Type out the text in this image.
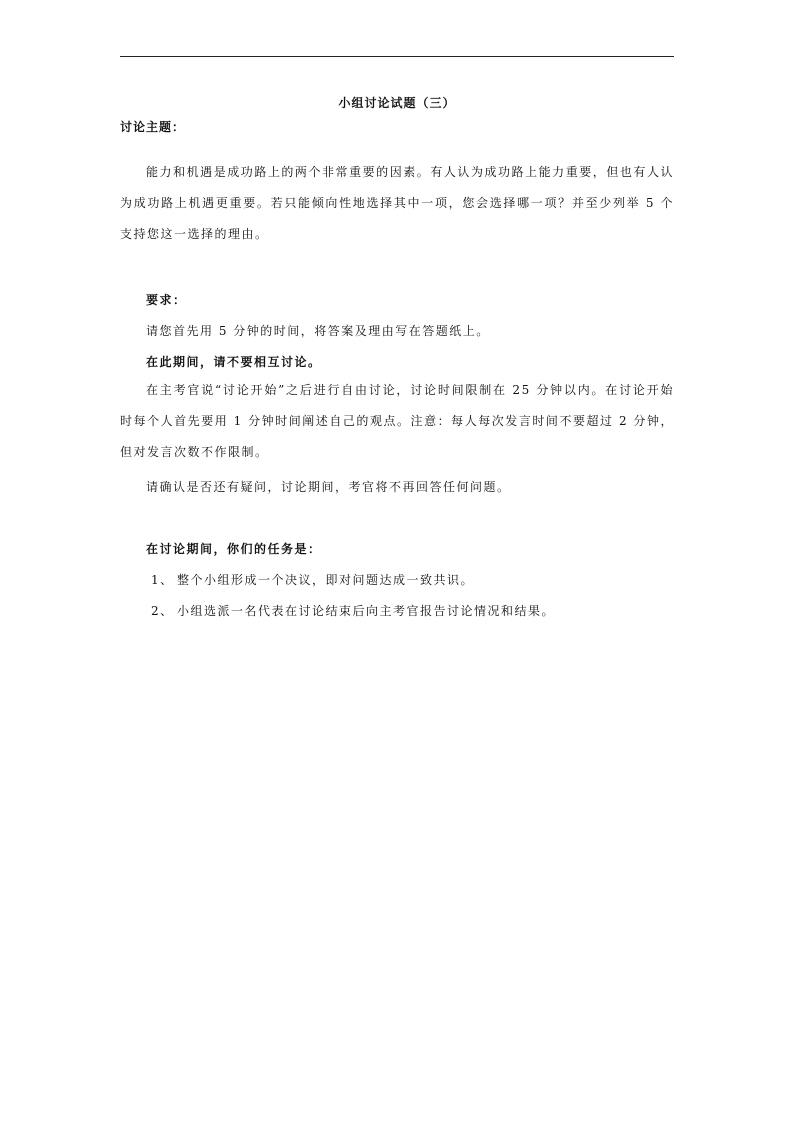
小组讨论试题（三）
讨论主题：

能力和机遇是成功路上的两个非常重要的因素。有人认为成功路上能力重要，但也有人认为成功路上机遇更重要。若只能倾向性地选择其中一项，您会选择哪一项？并至少列举 5 个支持您这一选择的理由。

要求：
请您首先用 5 分钟的时间，将答案及理由写在答题纸上。
在此期间，请不要相互讨论。

在主考官说“讨论开始”之后进行自由讨论，讨论时间限制在 25 分钟以内。在讨论开始时每个人首先要用 1 分钟时间阐述自己的观点。注意：每人每次发言时间不要超过 2 分钟，但对发言次数不作限制。

请确认是否还有疑问，讨论期间，考官将不再回答任何问题。
在讨论期间，你们的任务是：
1、 整个小组形成一个决议，即对问题达成一致共识。
2、 小组选派一名代表在讨论结束后向主考官报告讨论情况和结果。
